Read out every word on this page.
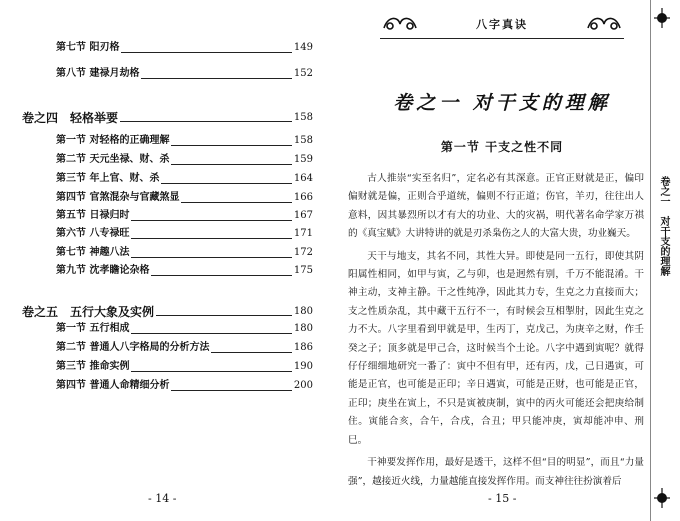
第七节 阳刃格	149
第八节 建禄月劫格	152
卷之四　轻格举要	158
第一节 对轻格的正确理解	158
第二节 天元坐禄、财、杀	159
第三节 年上官、财、杀	164
第四节 官煞混杂与官藏煞显	166
第五节 日禄归时	167
第六节 八专禄旺	171
第七节 神趣八法	172
第九节 沈孝瞻论杂格	175
卷之五　五行大象及实例	180
第一节 五行相成	180
第二节 普通人八字格局的分析方法	186
第三节 推命实例	190
第四节 普通人命精细分析	200
- 14 -
八字真诀
卷之一 对干支的理解
第一节 干支之性不同

古人推崇“实至名归”，定名必有其深意。正官正财就是正，偏印偏财就是偏，正则合乎道统，偏则不行正道；伤官，羊刃，往往出人意料，因其暴烈所以才有大的功业、大的灾祸，明代著名命学家万祺的《真宝赋》大讲特讲的就是刃杀枭伤之人的大富大贵，功业巍天。

天干与地支，其名不同，其性大异。即使是同一五行，即使其阴阳属性相同，如甲与寅，乙与卯，也是迥然有别，千万不能混淆。干神主动，支神主静。干之性纯净，因此其力专，生克之力直接而大；支之性质杂乱，其中藏干五行不一，有时候会互相掣肘，因此生克之力不大。八字里看到甲就是甲，生丙丁，克戊己，为庚辛之财，作壬癸之子；顶多就是甲己合，这时候当个土论。八字中遇到寅呢？就得仔仔细细地研究一番了：寅中不但有甲，还有丙，戊，己日遇寅，可能是正官，也可能是正印；辛日遇寅，可能是正财，也可能是正官，正印；庚坐在寅上，不只是寅被庚制，寅中的丙火可能还会把庚给制住。寅能合亥，合午，合戌，合丑；甲只能冲庚，寅却能冲申、刑巳。

干神要发挥作用，最好是透干，这样不但“目的明显”，而且“力量强”，越接近火线，力量越能直接发挥作用。而支神往往扮演着后

卷之一　对干支的理解
- 15 -
